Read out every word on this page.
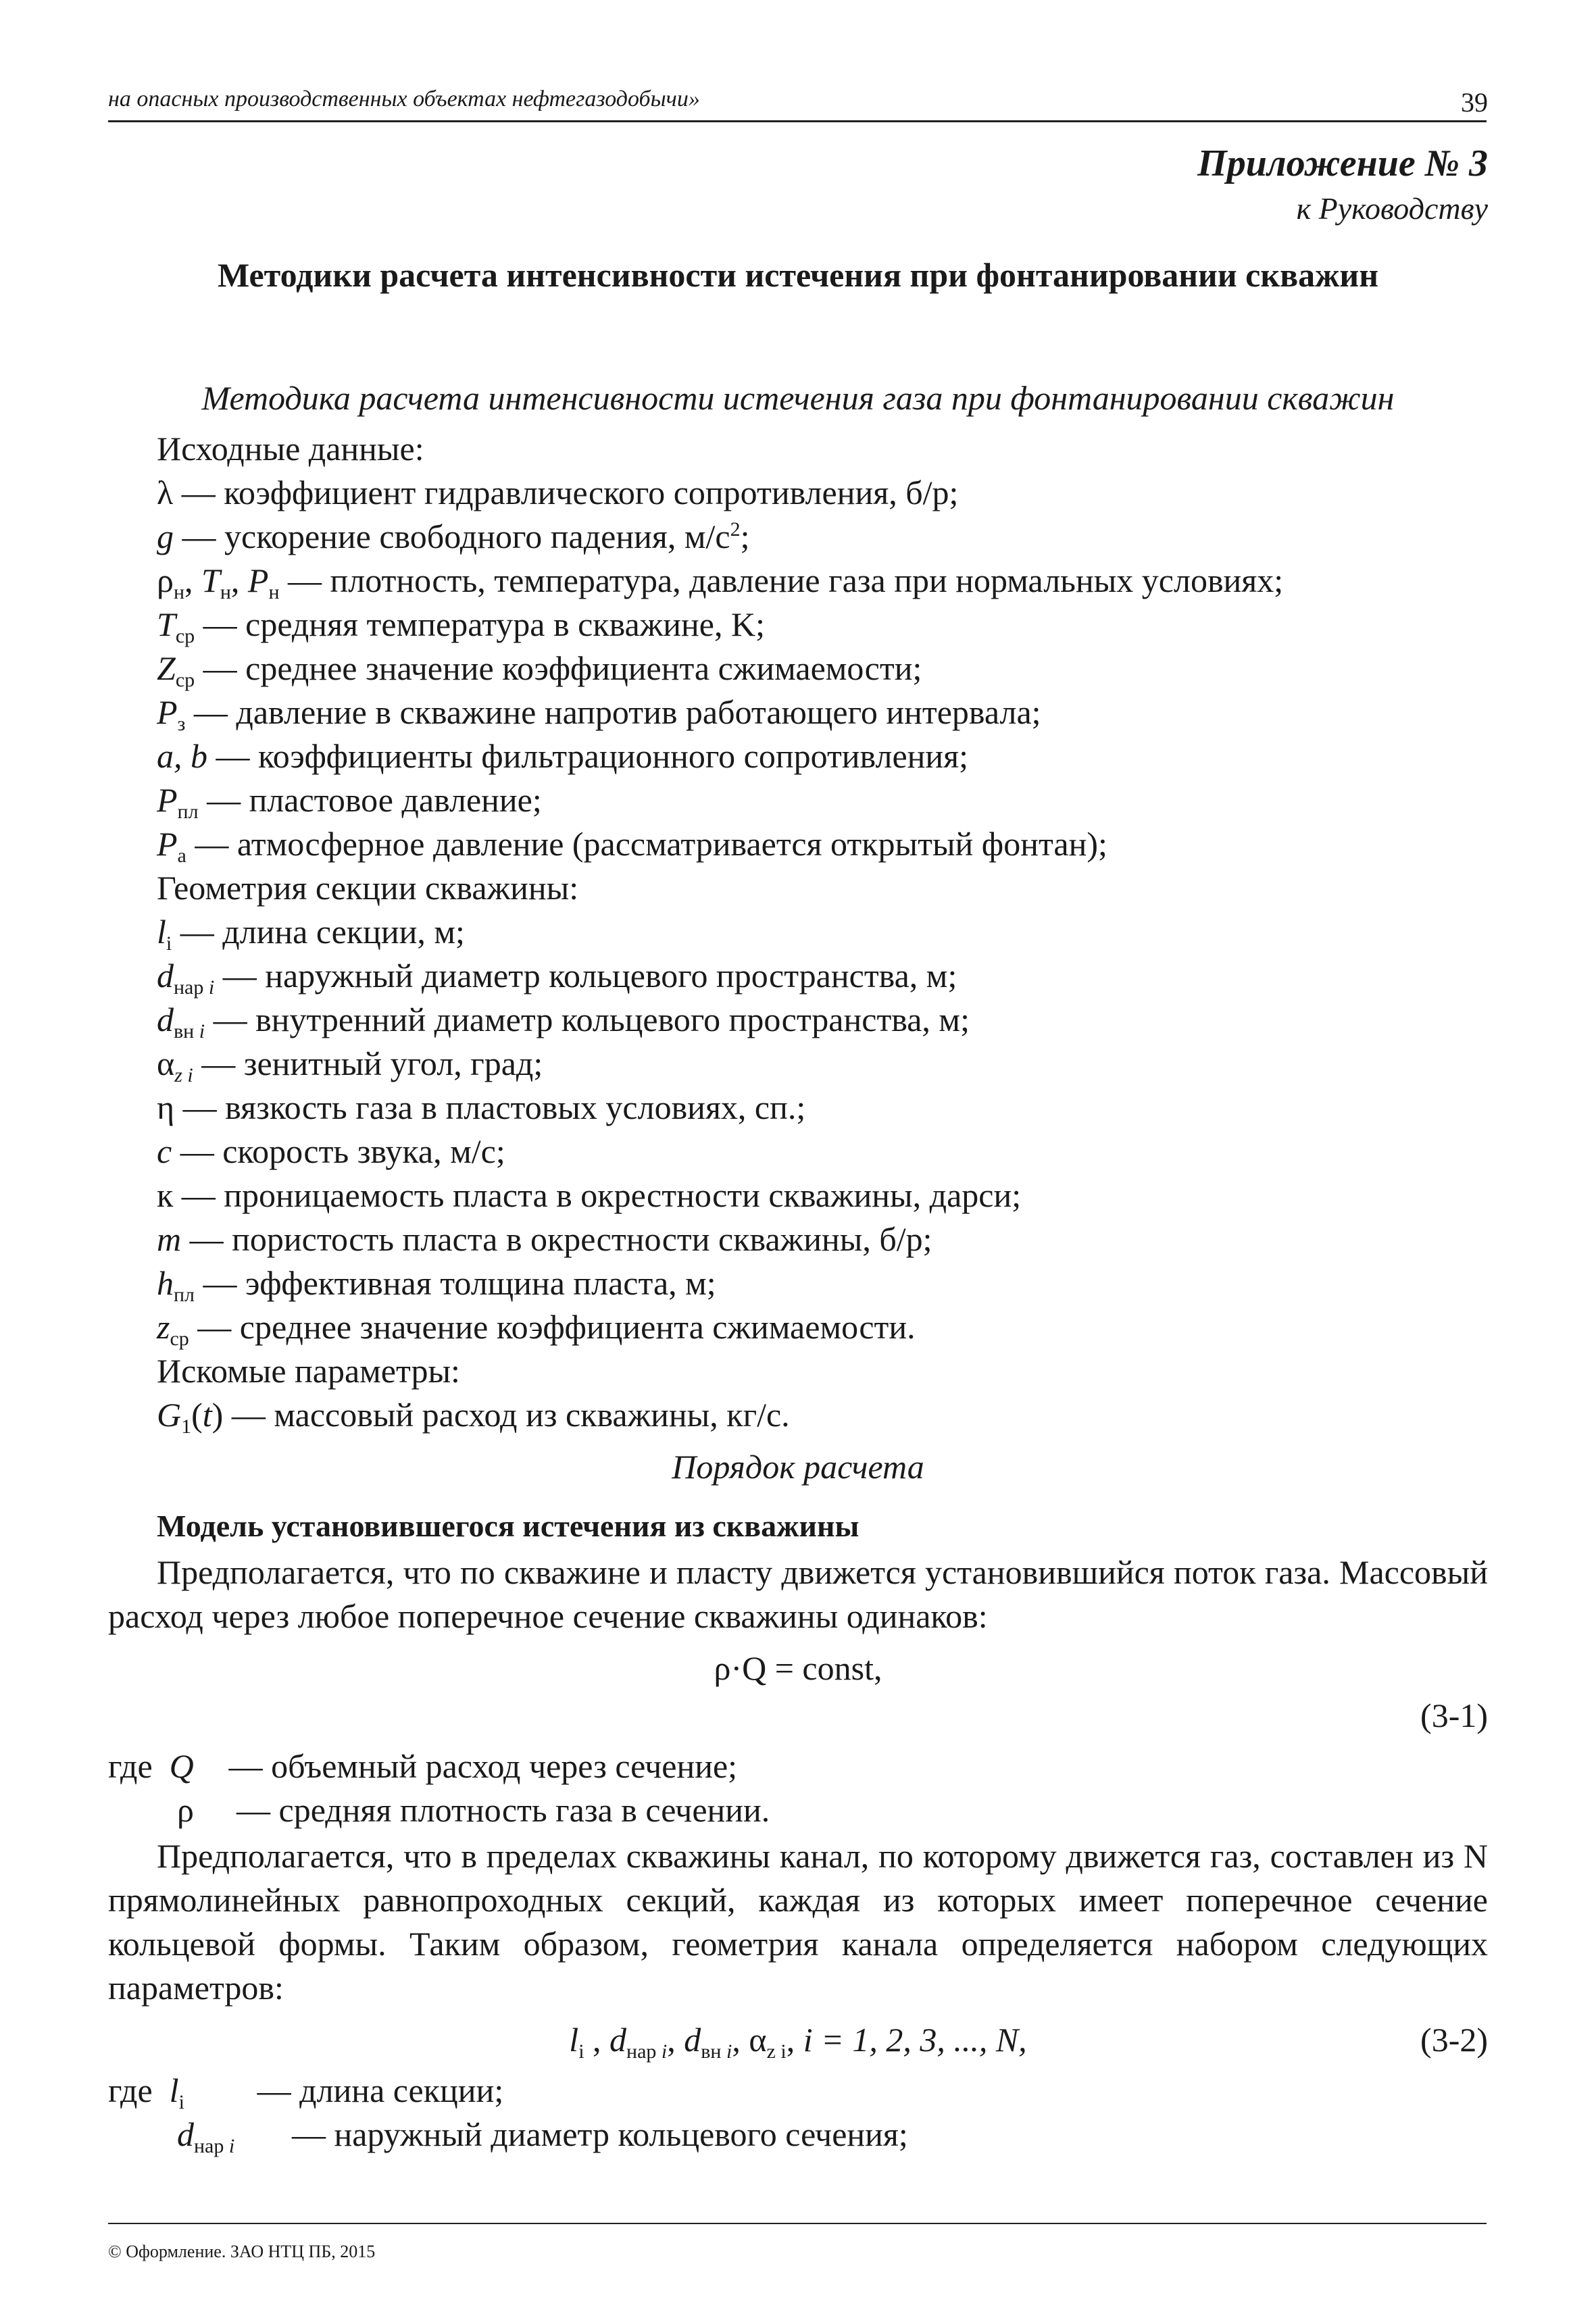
на опасных производственных объектах нефтегазодобычи»	39
Приложение № 3
к Руководству
Методики расчета интенсивности истечения при фонтанировании скважин
Методика расчета интенсивности истечения газа при фонтанировании скважин
Исходные данные:
λ — коэффициент гидравлического сопротивления, б/р;
g — ускорение свободного падения, $м/с^2$;
$\rho_н$, $T_н$, $P_н$ — плотность, температура, давление газа при нормальных условиях;
$T_{ср}$ — средняя температура в скважине, K;
$Z_{ср}$ — среднее значение коэффициента сжимаемости;
$P_з$ — давление в скважине напротив работающего интервала;
a, b — коэффициенты фильтрационного сопротивления;
$P_{пл}$ — пластовое давление;
$P_а$ — атмосферное давление (рассматривается открытый фонтан);
Геометрия секции скважины:
$l_i$ — длина секции, м;
$d_{нар i}$ — наружный диаметр кольцевого пространства, м;
$d_{вн i}$ — внутренний диаметр кольцевого пространства, м;
$\alpha_{z i}$ — зенитный угол, град;
η — вязкость газа в пластовых условиях, сп.;
c — скорость звука, м/с;
к — проницаемость пласта в окрестности скважины, дарси;
m — пористость пласта в окрестности скважины, б/р;
$h_{пл}$ — эффективная толщина пласта, м;
$z_{ср}$ — среднее значение коэффициента сжимаемости.
Искомые параметры:
$G_1(t)$ — массовый расход из скважины, кг/с.
Порядок расчета
Модель установившегося истечения из скважины
Предполагается, что по скважине и пласту движется установившийся поток газа. Массовый расход через любое поперечное сечение скважины одинаков:
ρ·Q = const,
(3-1)
где Q — объемный расход через сечение;
ρ — средняя плотность газа в сечении.
Предполагается, что в пределах скважины канал, по которому движется газ, составлен из N прямолинейных равнопроходных секций, каждая из которых имеет поперечное сечение кольцевой формы. Таким образом, геометрия канала определяется набором следующих параметров:
$l_i$ , $d_{нар i}$, $d_{вн i}$, $\alpha_{z i}$, i = 1, 2, 3, ..., N,	(3-2)
где $l_i$ — длина секции;
$d_{нар i}$ — наружный диаметр кольцевого сечения;
© Оформление. ЗАО НТЦ ПБ, 2015
